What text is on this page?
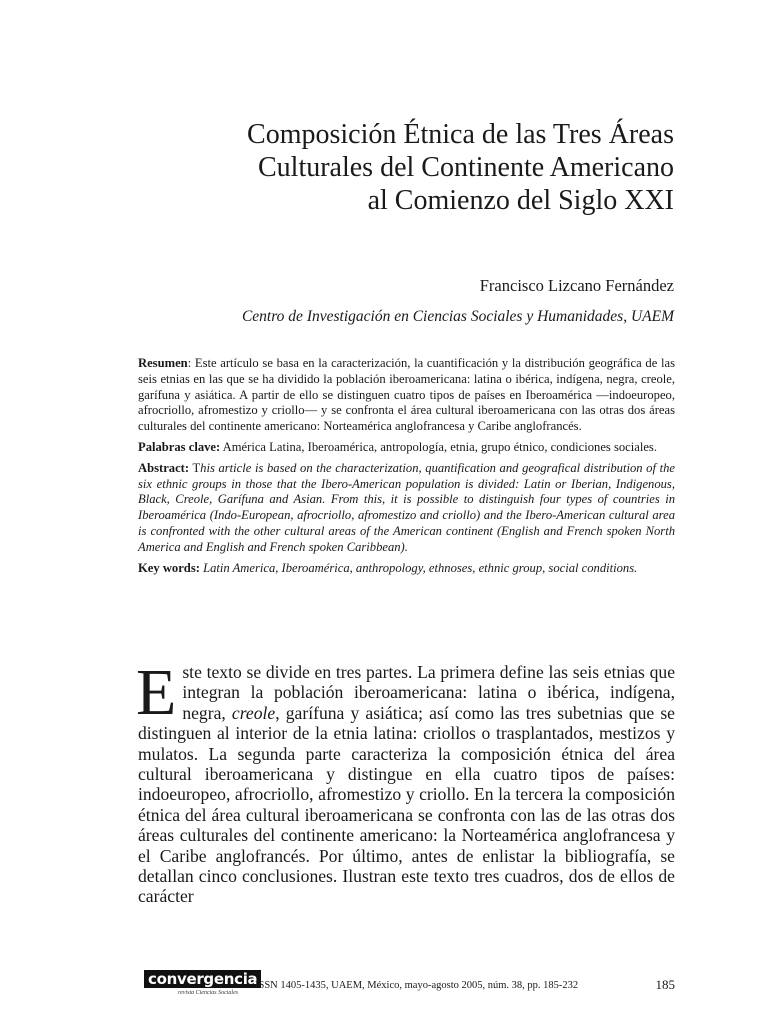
Composición Étnica de las Tres Áreas
Culturales del Continente Americano
al Comienzo del Siglo XXI
Francisco Lizcano Fernández
Centro de Investigación en Ciencias Sociales y Humanidades, UAEM

Resumen: Este artículo se basa en la caracterización, la cuantificación y la distribución geográfica de las seis etnias en las que se ha dividido la población iberoamericana: latina o ibérica, indígena, negra, creole, garífuna y asiática. A partir de ello se distinguen cuatro tipos de países en Iberoamérica —indoeuropeo, afrocriollo, afromestizo y criollo— y se confronta el área cultural iberoamericana con las otras dos áreas culturales del continente americano: Norteamérica anglofrancesa y Caribe anglofrancés.

Palabras clave: América Latina, Iberoamérica, antropología, etnia, grupo étnico, condiciones sociales.

Abstract: This article is based on the characterization, quantification and geografical distribution of the six ethnic groups in those that the Ibero-American population is divided: Latin or Iberian, Indigenous, Black, Creole, Garífuna and Asian. From this, it is possible to distinguish four types of countries in Iberoamérica (Indo-European, afrocriollo, afromestizo and criollo) and the Ibero-American cultural area is confronted with the other cultural areas of the American continent (English and French spoken North America and English and French spoken Caribbean).

Key words: Latin America, Iberoamérica, anthropology, ethnoses, ethnic group, social conditions.

Este texto se divide en tres partes. La primera define las seis etnias que integran la población iberoamericana: latina o ibérica, indígena, negra, creole, garífuna y asiática; así como las tres subetnias que se distinguen al interior de la etnia latina: criollos o trasplantados, mestizos y mulatos. La segunda parte caracteriza la composición étnica del área cultural iberoamericana y distingue en ella cuatro tipos de países: indoeuropeo, afrocriollo, afromestizo y criollo. En la tercera la composición étnica del área cultural iberoamericana se confronta con las de las otras dos áreas culturales del continente americano: la Norteamérica anglofrancesa y el Caribe anglofrancés. Por último, antes de enlistar la bibliografía, se detallan cinco conclusiones. Ilustran este texto tres cuadros, dos de ellos de carácter
convergencia
revista Ciencias Sociales
ISSN 1405-1435, UAEM, México, mayo-agosto 2005, núm. 38, pp. 185-232	185
